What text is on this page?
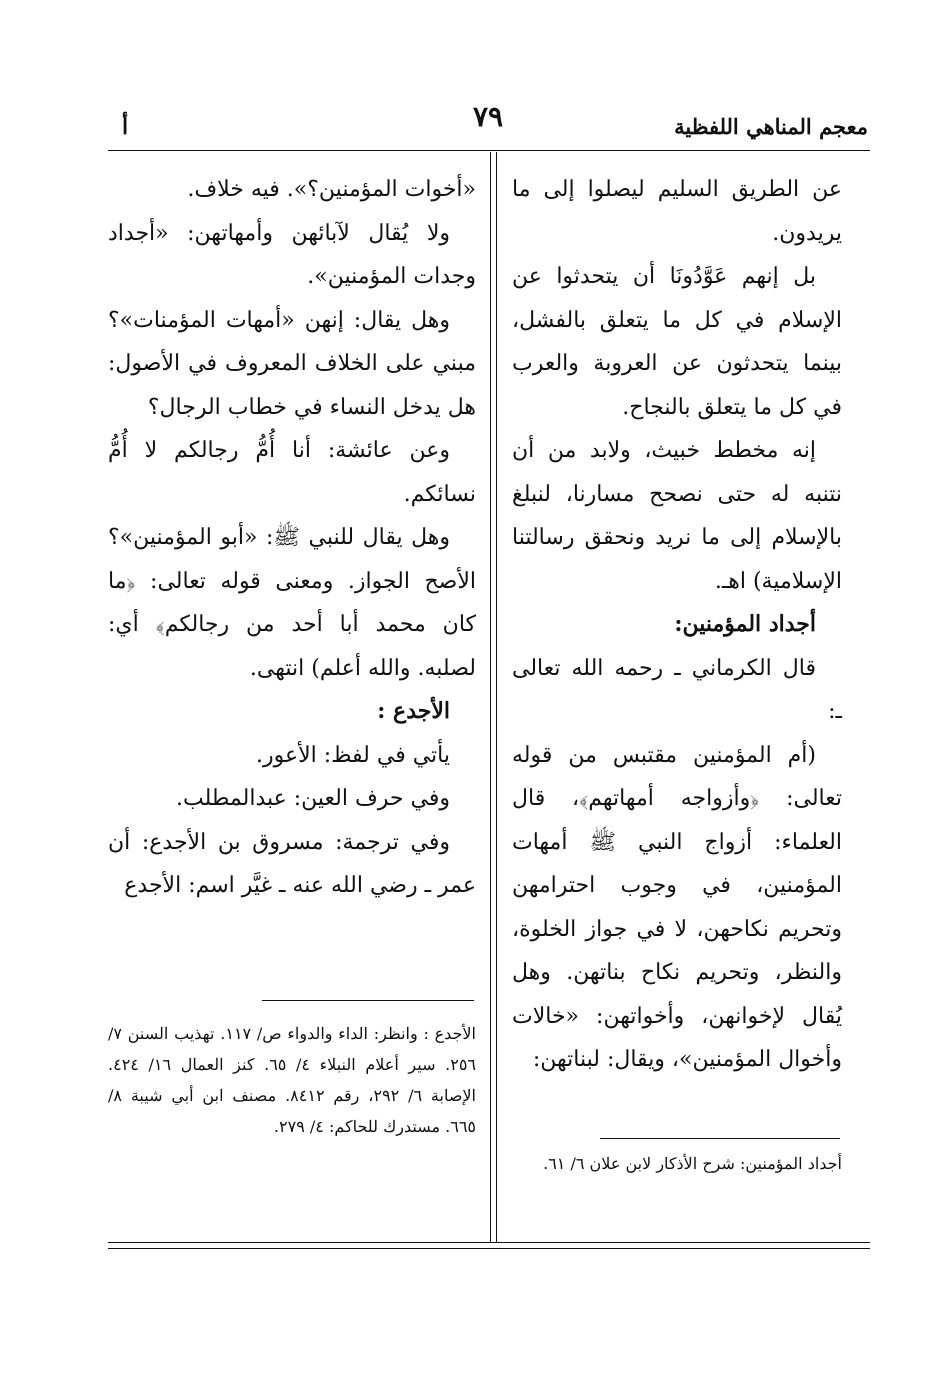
معجم المناهي اللفظية
٧٩
أ

عن الطريق السليم ليصلوا إلى ما يريدون.

بل إنهم عَوَّدُونَا أن يتحدثوا عن الإسلام في كل ما يتعلق بالفشل، بينما يتحدثون عن العروبة والعرب في كل ما يتعلق بالنجاح.

إنه مخطط خبيث، ولابد من أن نتنبه له حتى نصحح مسارنا، لنبلغ بالإسلام إلى ما نريد ونحقق رسالتنا الإسلامية) اهـ.

أجداد المؤمنين:

قال الكرماني ـ رحمه الله تعالى ـ:

(أم المؤمنين مقتبس من قوله تعالى: ﴿وأزواجه أمهاتهم﴾، قال العلماء: أزواج النبي ﷺ أمهات المؤمنين، في وجوب احترامهن وتحريم نكاحهن، لا في جواز الخلوة، والنظر، وتحريم نكاح بناتهن. وهل يُقال لإخوانهن، وأخواتهن: «خالات وأخوال المؤمنين»، ويقال: لبناتهن:

أجداد المؤمنين: شرح الأذكار لابن علان ٦/ ٦١.

«أخوات المؤمنين؟». فيه خلاف.

ولا يُقال لآبائهن وأمهاتهن: «أجداد وجدات المؤمنين».

وهل يقال: إنهن «أمهات المؤمنات»؟ مبني على الخلاف المعروف في الأصول: هل يدخل النساء في خطاب الرجال؟

وعن عائشة: أنا أُمُّ رجالكم لا أُمُّ نسائكم.

وهل يقال للنبي ﷺ: «أبو المؤمنين»؟ الأصح الجواز. ومعنى قوله تعالى: ﴿ما كان محمد أبا أحد من رجالكم﴾ أي: لصلبه. والله أعلم) انتهى.

الأجدع :

يأتي في لفظ: الأعور.

وفي حرف العين: عبدالمطلب.

وفي ترجمة: مسروق بن الأجدع: أن عمر ـ رضي الله عنه ـ غيَّر اسم: الأجدع

الأجدع : وانظر: الداء والدواء ص/ ١١٧. تهذيب السنن ٧/ ٢٥٦. سير أعلام النبلاء ٤/ ٦٥. كنز العمال ١٦/ ٤٢٤. الإصابة ٦/ ٢٩٢، رقم ٨٤١٢. مصنف ابن أبي شيبة ٨/ ٦٦٥. مستدرك للحاكم: ٤/ ٢٧٩.
